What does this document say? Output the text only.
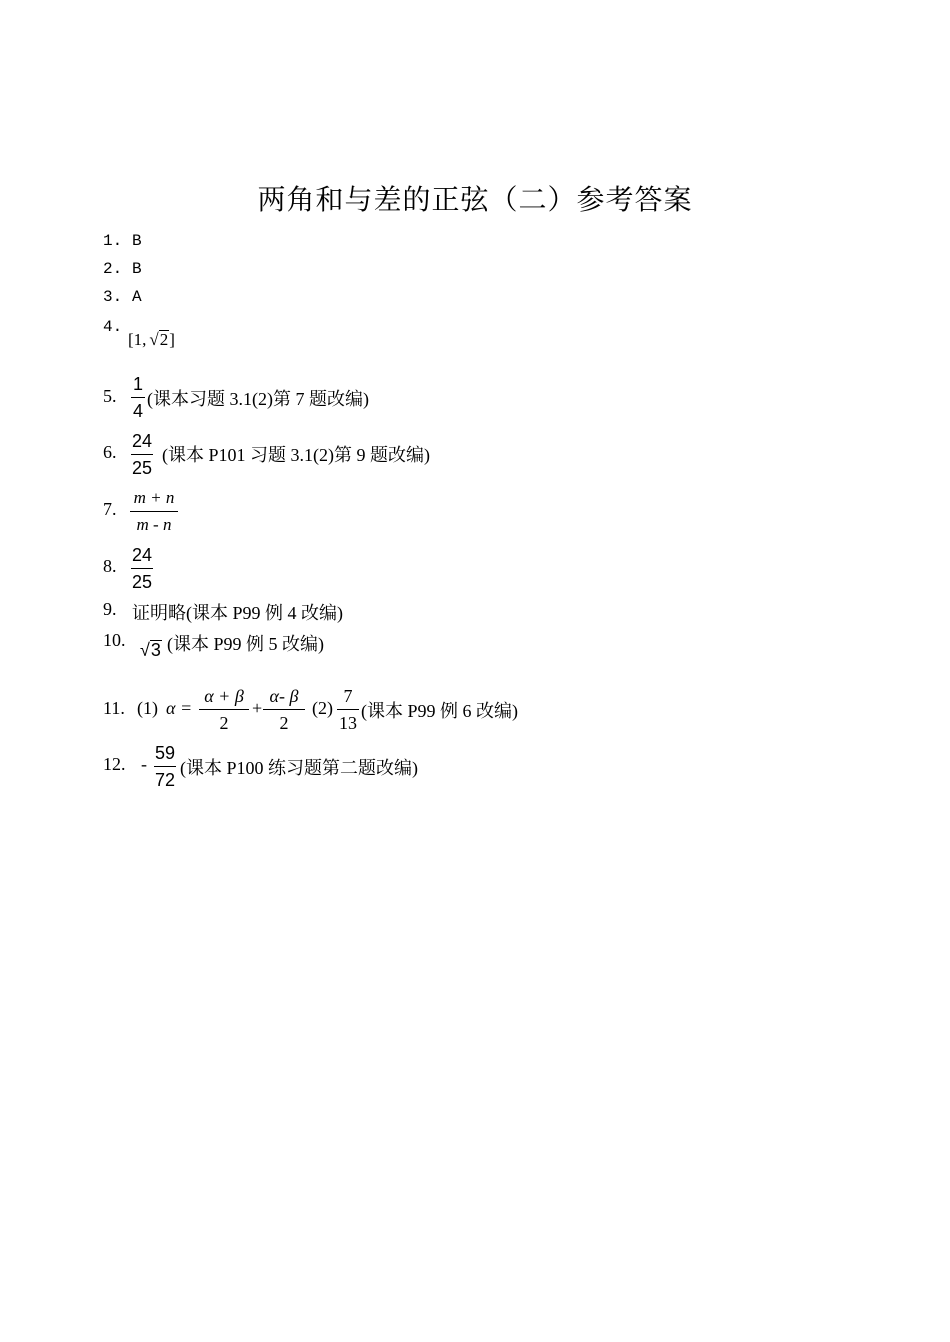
两角和与差的正弦（二）参考答案
1. B
2. B
3. A
4.
[1, √2]
5.
1
4
(课本习题 3.1(2)第 7 题改编)
6.
24
25
(课本 P101 习题 3.1(2)第 9 题改编)
7.
m + n
m - n
8.
24
25
9. 证明略(课本 P99 例 4 改编)
10. √3 (课本 P99 例 5 改编)
11. (1) α =
α + β
2
+
α- β
2
(2)
7
13
(课本 P99 例 6 改编)
12. -
59
72
(课本 P100 练习题第二题改编)
